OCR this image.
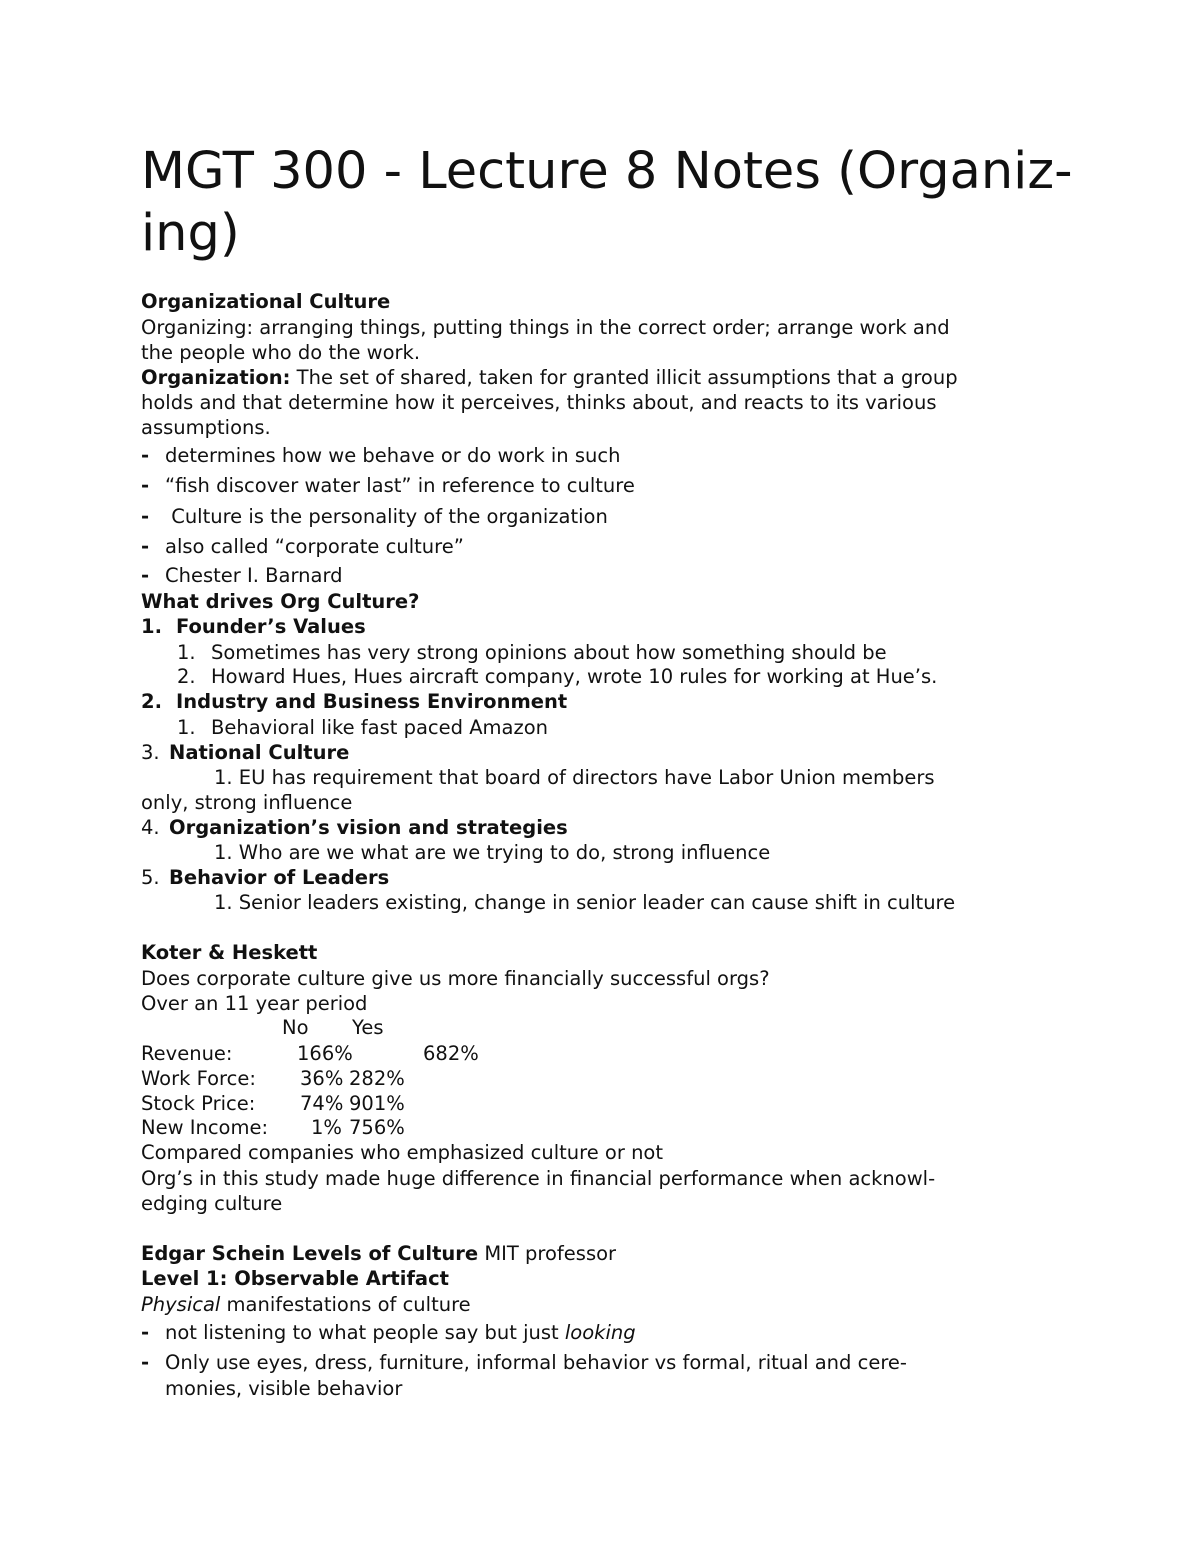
MGT 300 - Lecture 8 Notes (Organiz-
ing)
Organizational Culture
Organizing: arranging things, putting things in the correct order; arrange work and
the people who do the work.
Organization: The set of shared, taken for granted illicit assumptions that a group
holds and that determine how it perceives, thinks about, and reacts to its various
assumptions.
- determines how we behave or do work in such
- “fish discover water last” in reference to culture
- Culture is the personality of the organization
- also called “corporate culture”
- Chester I. Barnard
What drives Org Culture?
1. Founder’s Values
1. Sometimes has very strong opinions about how something should be
2. Howard Hues, Hues aircraft company, wrote 10 rules for working at Hue’s.
2. Industry and Business Environment
1. Behavioral like fast paced Amazon
3. National Culture
1. EU has requirement that board of directors have Labor Union members
only, strong influence
4. Organization’s vision and strategies
1. Who are we what are we trying to do, strong influence
5. Behavior of Leaders
1. Senior leaders existing, change in senior leader can cause shift in culture
Koter & Heskett
Does corporate culture give us more financially successful orgs?
Over an 11 year period
No Yes
Revenue:	166%	682%
Work Force: 36% 282%
Stock Price: 74% 901%
New Income: 1% 756%
Compared companies who emphasized culture or not
Org’s in this study made huge difference in financial performance when acknowl-
edging culture
Edgar Schein Levels of Culture MIT professor
Level 1: Observable Artifact
Physical manifestations of culture
- not listening to what people say but just looking
- Only use eyes, dress, furniture, informal behavior vs formal, ritual and cere-
monies, visible behavior
